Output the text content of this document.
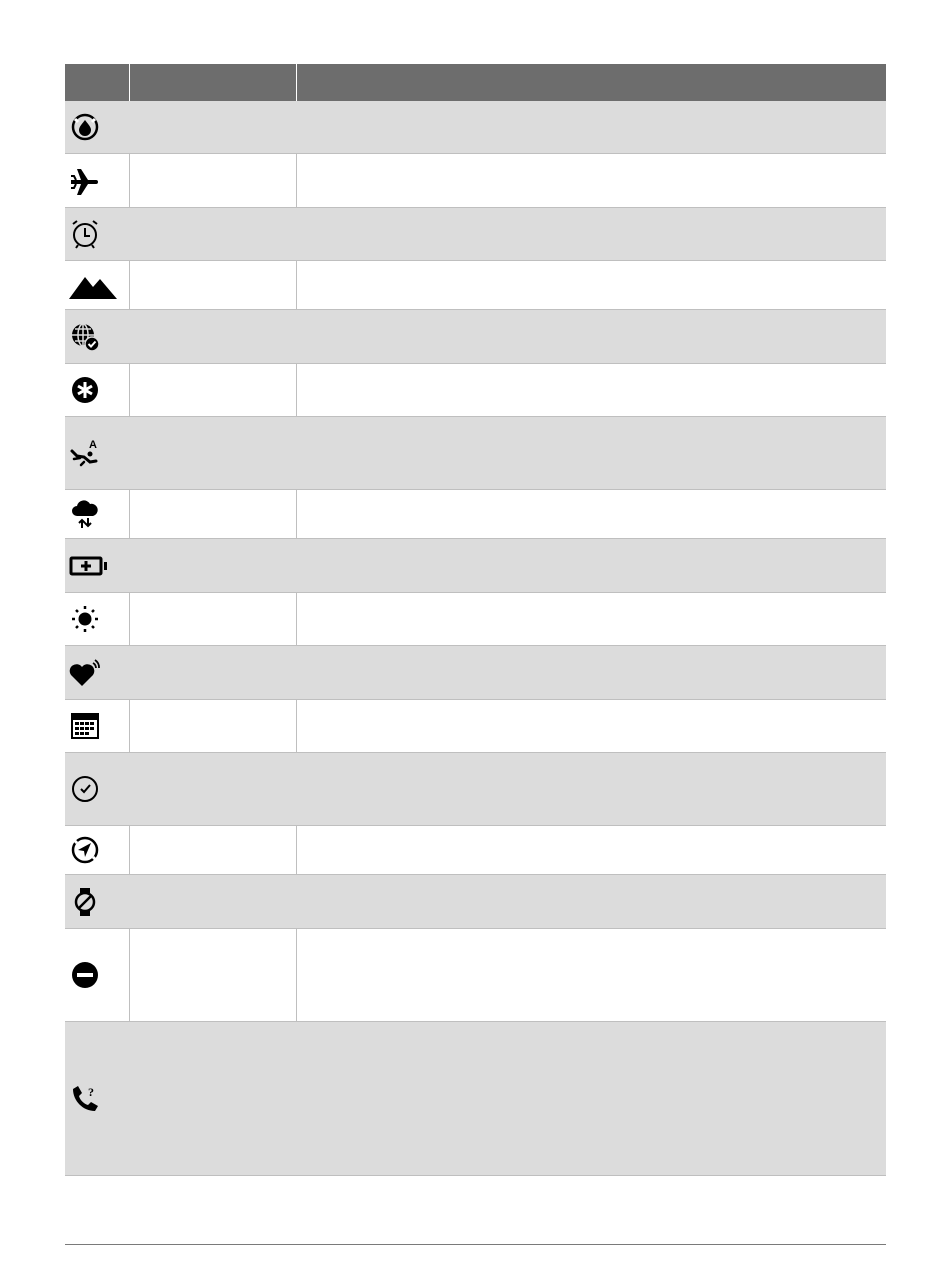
A
?
